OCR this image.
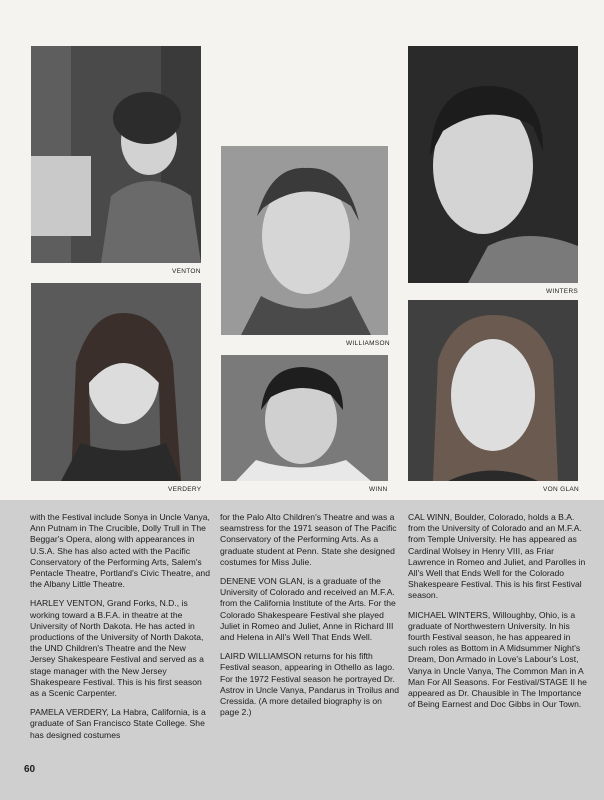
VENTON
WILLIAMSON
WINTERS
VERDERY	WINN	VON GLAN

with the Festival include Sonya in Uncle Vanya, Ann Putnam in The Crucible, Dolly Trull in The Beggar's Opera, along with appearances in U.S.A. She has also acted with the Pacific Conservatory of the Performing Arts, Salem's Pentacle Theatre, Portland's Civic Theatre, and the Albany Little Theatre.

HARLEY VENTON, Grand Forks, N.D., is working toward a B.F.A. in theatre at the University of North Dakota. He has acted in productions of the University of North Dakota, the UND Children's Theatre and the New Jersey Shakespeare Festival and served as a stage manager with the New Jersey Shakespeare Festival. This is his first season as a Scenic Carpenter.

PAMELA VERDERY, La Habra, California, is a graduate of San Francisco State College. She has designed costumes

for the Palo Alto Children's Theatre and was a seamstress for the 1971 season of The Pacific Conservatory of the Performing Arts. As a graduate student at Penn. State she designed costumes for Miss Julie.

DENENE VON GLAN, is a graduate of the University of Colorado and received an M.F.A. from the California Institute of the Arts. For the Colorado Shakespeare Festival she played Juliet in Romeo and Juliet, Anne in Richard III and Helena in All's Well That Ends Well.

LAIRD WILLIAMSON returns for his fifth Festival season, appearing in Othello as Iago. For the 1972 Festival season he portrayed Dr. Astrov in Uncle Vanya, Pandarus in Troilus and Cressida. (A more detailed biography is on page 2.)

CAL WINN, Boulder, Colorado, holds a B.A. from the University of Colorado and an M.F.A. from Temple University. He has appeared as Cardinal Wolsey in Henry VIII, as Friar Lawrence in Romeo and Juliet, and Parolles in All's Well that Ends Well for the Colorado Shakespeare Festival. This is his first Festival season.

MICHAEL WINTERS, Willoughby, Ohio, is a graduate of Northwestern University. In his fourth Festival season, he has appeared in such roles as Bottom in A Midsummer Night's Dream, Don Armado in Love's Labour's Lost, Vanya in Uncle Vanya, The Common Man in A Man For All Seasons. For Festival/STAGE II he appeared as Dr. Chausible in The Importance of Being Earnest and Doc Gibbs in Our Town.

60
